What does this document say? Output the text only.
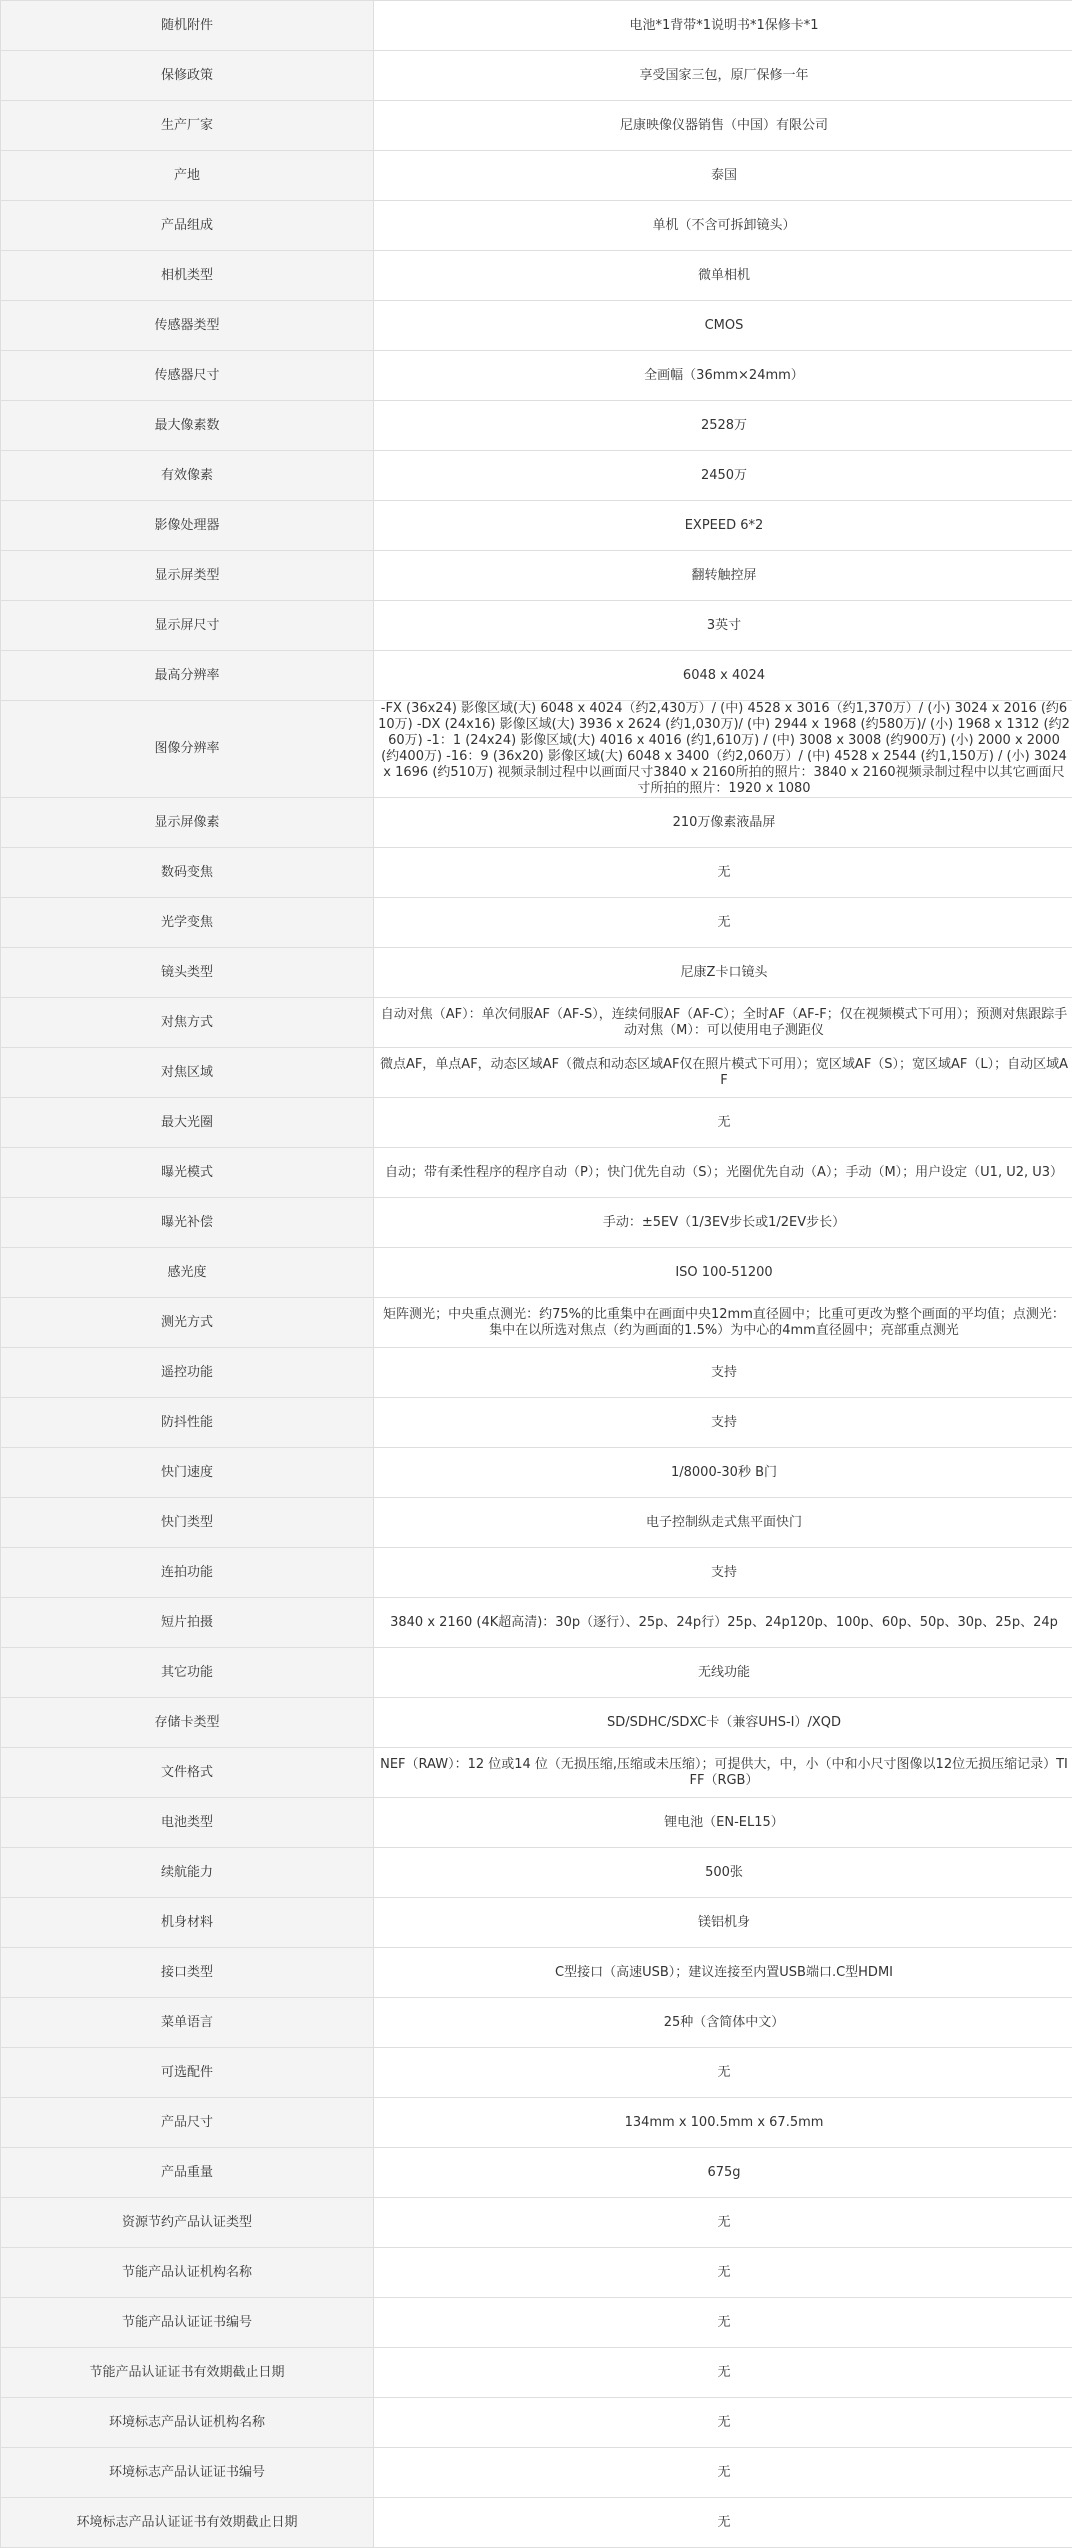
随机附件	电池*1背带*1说明书*1保修卡*1
保修政策	享受国家三包，原厂保修一年
生产厂家	尼康映像仪器销售（中国）有限公司
产地	泰国
产品组成	单机（不含可拆卸镜头）
相机类型	微单相机
传感器类型	CMOS
传感器尺寸	全画幅（36mm×24mm）
最大像素数	2528万
有效像素	2450万
影像处理器	EXPEED 6*2
显示屏类型	翻转触控屏
显示屏尺寸	3英寸
最高分辨率	6048 x 4024
图像分辨率	-FX (36x24) 影像区域(大) 6048 x 4024（约2,430万）/ (中) 4528 x 3016（约1,370万）/ (小) 3024 x 2016 (约610万) -DX (24x16) 影像区域(大) 3936 x 2624 (约1,030万)/ (中) 2944 x 1968 (约580万)/ (小) 1968 x 1312 (约260万) -1：1 (24x24) 影像区域(大) 4016 x 4016 (约1,610万) / (中) 3008 x 3008 (约900万) (小) 2000 x 2000 (约400万) -16：9 (36x20) 影像区域(大) 6048 x 3400（约2,060万）/ (中) 4528 x 2544 (约1,150万) / (小) 3024 x 1696 (约510万) 视频录制过程中以画面尺寸3840 x 2160所拍的照片：3840 x 2160视频录制过程中以其它画面尺寸所拍的照片：1920 x 1080
显示屏像素	210万像素液晶屏
数码变焦	无
光学变焦	无
镜头类型	尼康Z卡口镜头
对焦方式	自动对焦（AF）：单次伺服AF（AF-S），连续伺服AF（AF-C）；全时AF（AF-F；仅在视频模式下可用）；预测对焦跟踪手动对焦（M）：可以使用电子测距仪
对焦区域	微点AF，单点AF，动态区域AF（微点和动态区域AF仅在照片模式下可用）；宽区域AF（S）；宽区域AF（L）；自动区域AF
最大光圈	无
曝光模式	自动；带有柔性程序的程序自动（P）；快门优先自动（S）；光圈优先自动（A）；手动（M）；用户设定（U1, U2, U3）
曝光补偿	手动：±5EV（1/3EV步长或1/2EV步长）
感光度	ISO 100-51200
测光方式	矩阵测光；中央重点测光：约75%的比重集中在画面中央12mm直径圆中；比重可更改为整个画面的平均值；点测光：集中在以所选对焦点（约为画面的1.5%）为中心的4mm直径圆中；亮部重点测光
遥控功能	支持
防抖性能	支持
快门速度	1/8000-30秒 B门
快门类型	电子控制纵走式焦平面快门
连拍功能	支持
短片拍摄	3840 x 2160 (4K超高清)：30p（逐行）、25p、24p行）25p、24p120p、100p、60p、50p、30p、25p、24p
其它功能	无线功能
存储卡类型	SD/SDHC/SDXC卡（兼容UHS-I）/XQD
文件格式	NEF（RAW）：12 位或14 位（无损压缩,压缩或未压缩）；可提供大，中，小（中和小尺寸图像以12位无损压缩记录）TIFF（RGB）
电池类型	锂电池（EN-EL15）
续航能力	500张
机身材料	镁铝机身
接口类型	C型接口（高速USB）；建议连接至内置USB端口.C型HDMI
菜单语言	25种（含简体中文）
可选配件	无
产品尺寸	134mm x 100.5mm x 67.5mm
产品重量	675g
资源节约产品认证类型	无
节能产品认证机构名称	无
节能产品认证证书编号	无
节能产品认证证书有效期截止日期	无
环境标志产品认证机构名称	无
环境标志产品认证证书编号	无
环境标志产品认证证书有效期截止日期	无
